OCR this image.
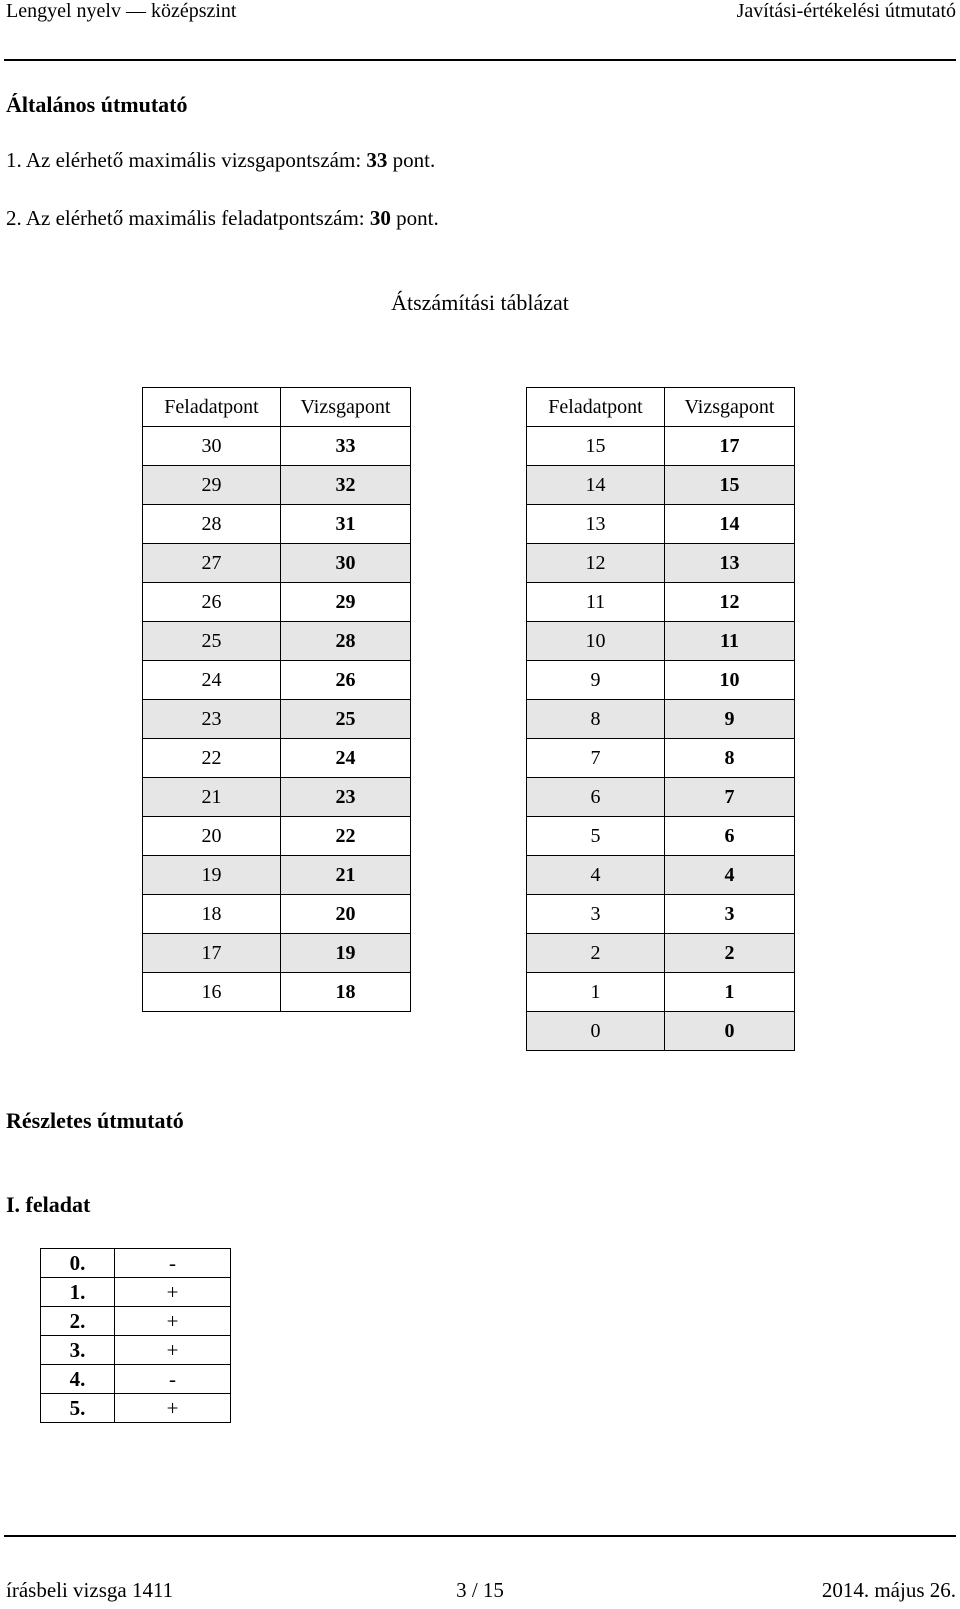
Lengyel nyelv — középszint	Javítási-értékelési útmutató
Általános útmutató
1. Az elérhető maximális vizsgapontszám: 33 pont.
2. Az elérhető maximális feladatpontszám: 30 pont.
Átszámítási táblázat
Feladatpont	Vizsgapont
30	33
29	32
28	31
27	30
26	29
25	28
24	26
23	25
22	24
21	23
20	22
19	21
18	20
17	19
16	18
Feladatpont	Vizsgapont
15	17
14	15
13	14
12	13
11	12
10	11
9	10
8	9
7	8
6	7
5	6
4	4
3	3
2	2
1	1
0	0
Részletes útmutató
I. feladat
0.	-
1.	+
2.	+
3.	+
4.	-
5.	+
írásbeli vizsga 1411	3 / 15	2014. május 26.
